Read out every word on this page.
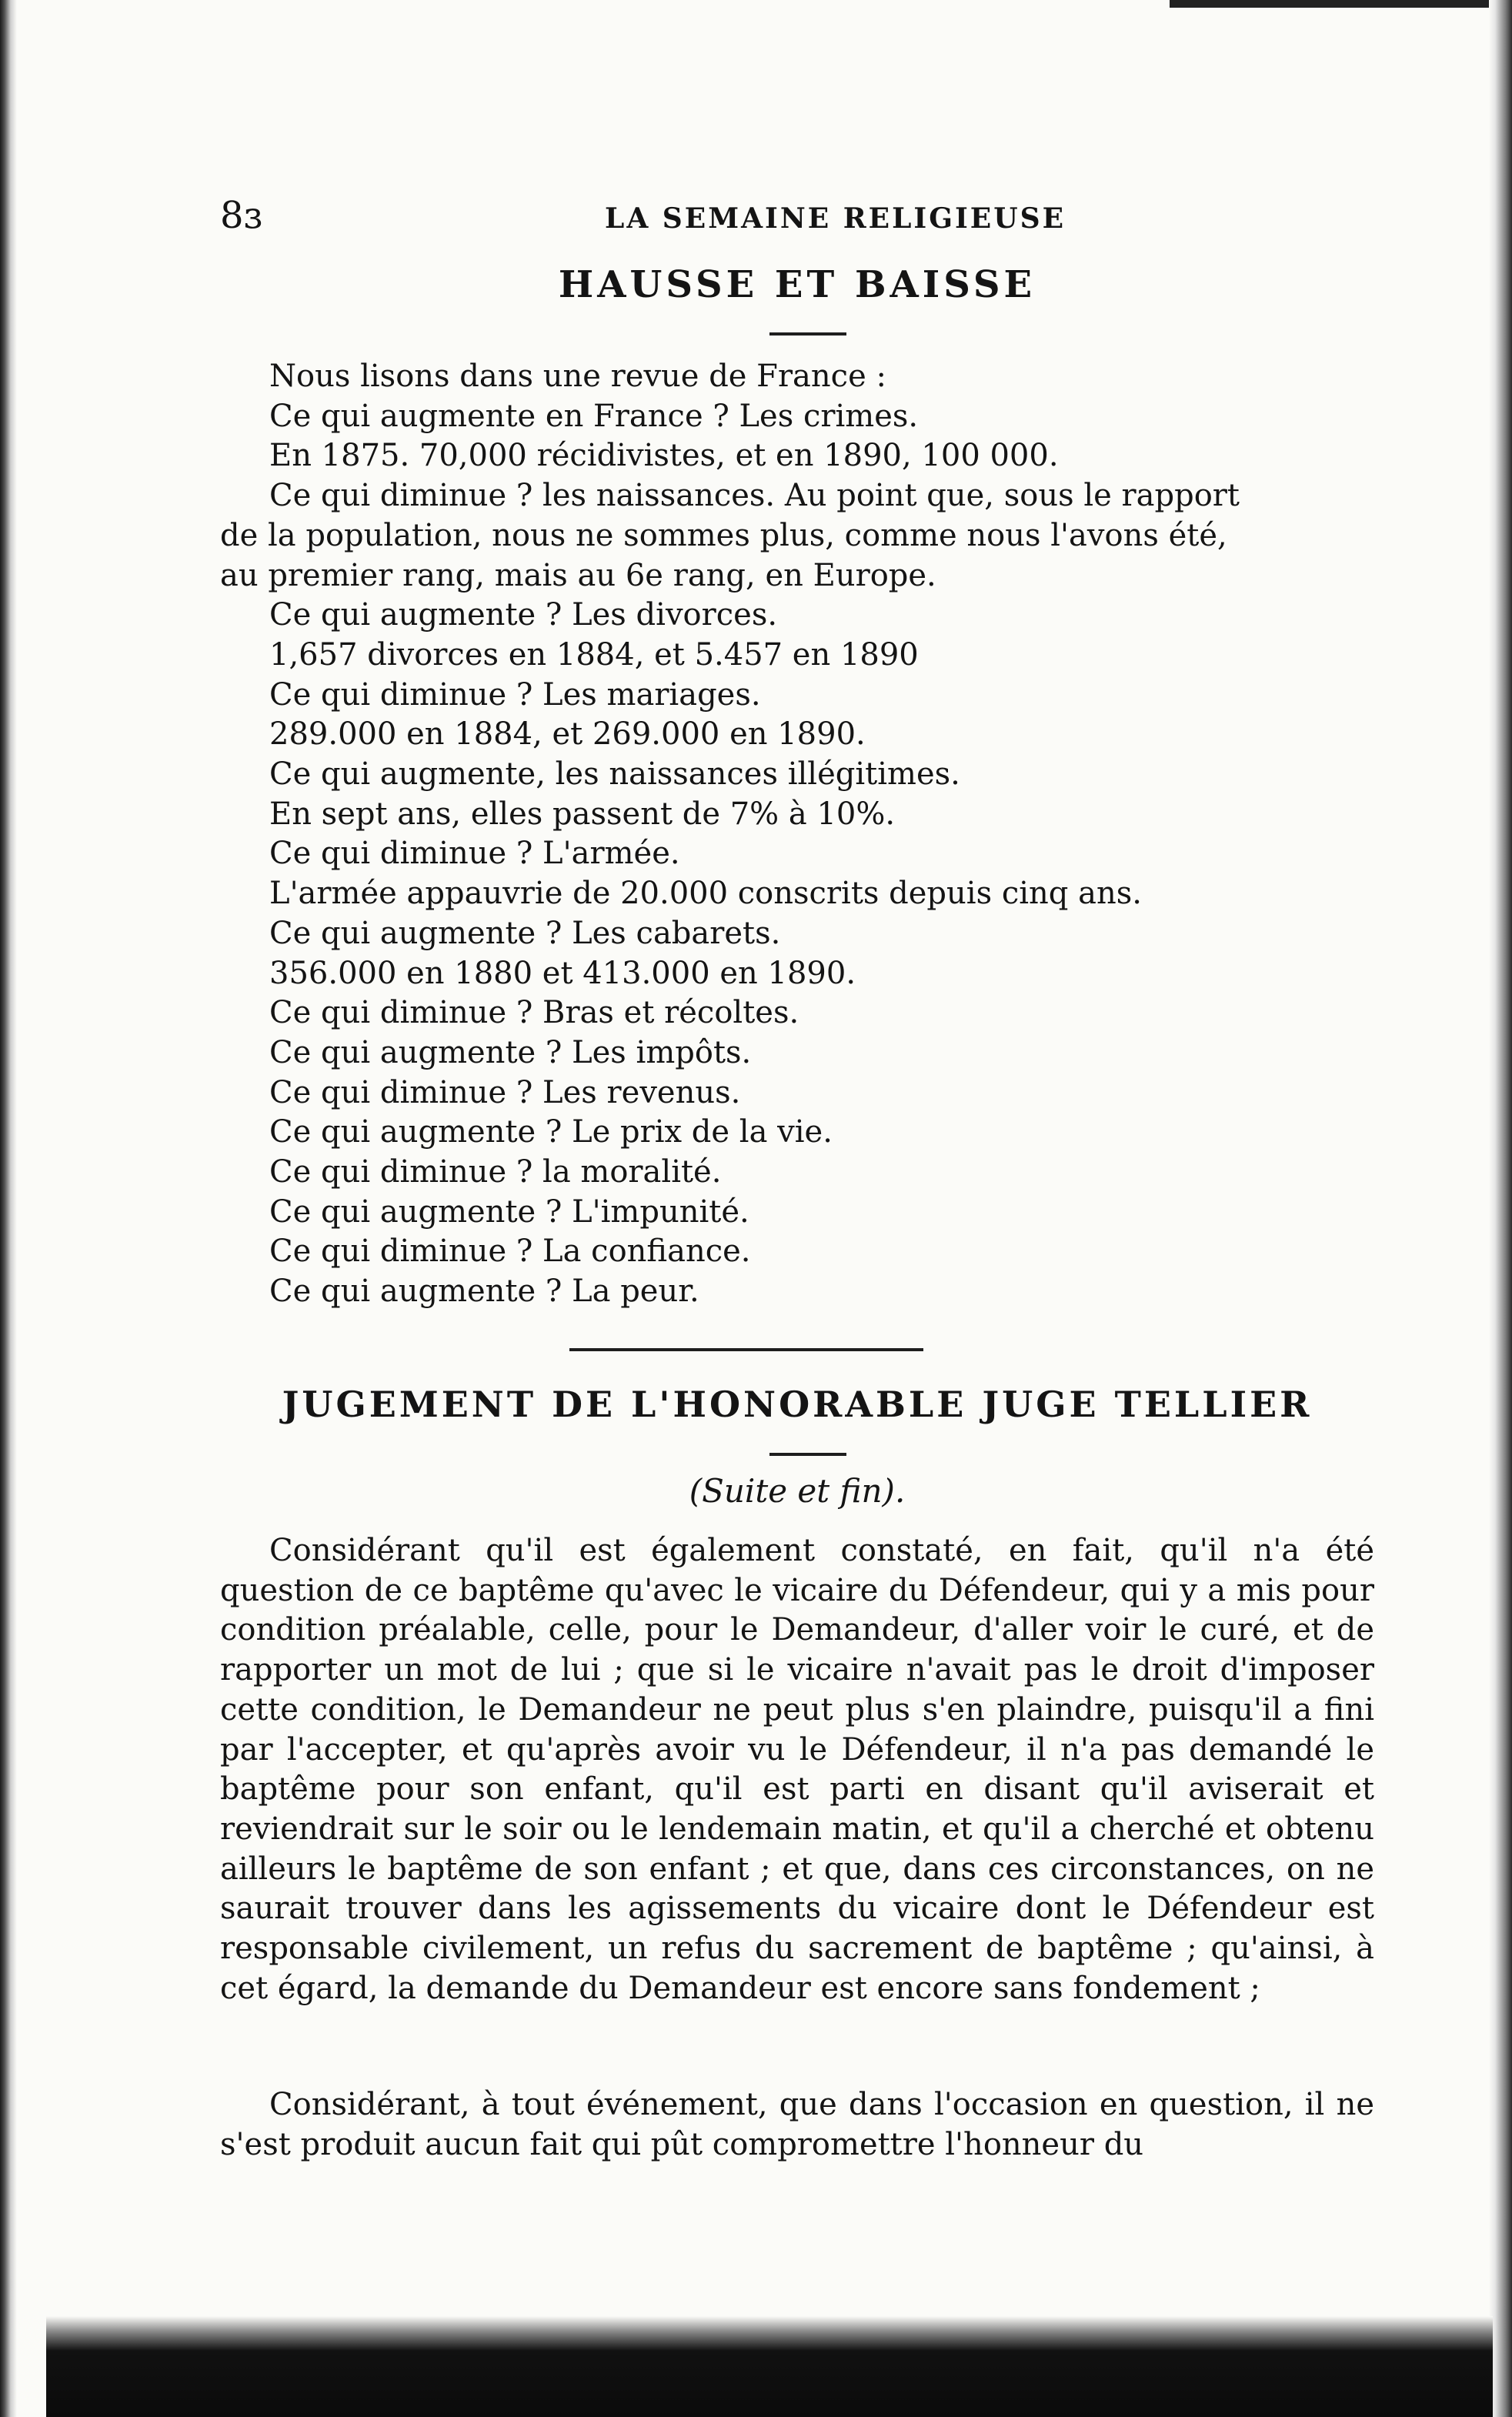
8ɜ	LA SEMAINE RELIGIEUSE
HAUSSE ET BAISSE
Nous lisons dans une revue de France :
Ce qui augmente en France ? Les crimes.
En 1875. 70,000 récidivistes, et en 1890, 100 000.
Ce qui diminue ? les naissances. Au point que, sous le rapport
de la population, nous ne sommes plus, comme nous l'avons été,
au premier rang, mais au 6e rang, en Europe.
Ce qui augmente ? Les divorces.
1,657 divorces en 1884, et 5.457 en 1890
Ce qui diminue ? Les mariages.
289.000 en 1884, et 269.000 en 1890.
Ce qui augmente, les naissances illégitimes.
En sept ans, elles passent de 7% à 10%.
Ce qui diminue ? L'armée.
L'armée appauvrie de 20.000 conscrits depuis cinq ans.
Ce qui augmente ? Les cabarets.
356.000 en 1880 et 413.000 en 1890.
Ce qui diminue ? Bras et récoltes.
Ce qui augmente ? Les impôts.
Ce qui diminue ? Les revenus.
Ce qui augmente ? Le prix de la vie.
Ce qui diminue ? la moralité.
Ce qui augmente ? L'impunité.
Ce qui diminue ? La confiance.
Ce qui augmente ? La peur.
JUGEMENT DE L'HONORABLE JUGE TELLIER
(Suite et fin).
Considérant qu'il est également constaté, en fait, qu'il n'a été question de ce baptême qu'avec le vicaire du Défendeur, qui y a mis pour condition préalable, celle, pour le Demandeur, d'aller voir le curé, et de rapporter un mot de lui ; que si le vicaire n'avait pas le droit d'imposer cette condition, le Demandeur ne peut plus s'en plaindre, puisqu'il a fini par l'accepter, et qu'après avoir vu le Défendeur, il n'a pas demandé le baptême pour son enfant, qu'il est parti en disant qu'il aviserait et reviendrait sur le soir ou le lendemain matin, et qu'il a cherché et obtenu ailleurs le baptême de son enfant ; et que, dans ces circonstances, on ne saurait trouver dans les agissements du vicaire dont le Défendeur est responsable civilement, un refus du sacrement de baptême ; qu'ainsi, à cet égard, la demande du Demandeur est encore sans fondement ;
Considérant, à tout événement, que dans l'occasion en question, il ne s'est produit aucun fait qui pût compromettre l'honneur du
